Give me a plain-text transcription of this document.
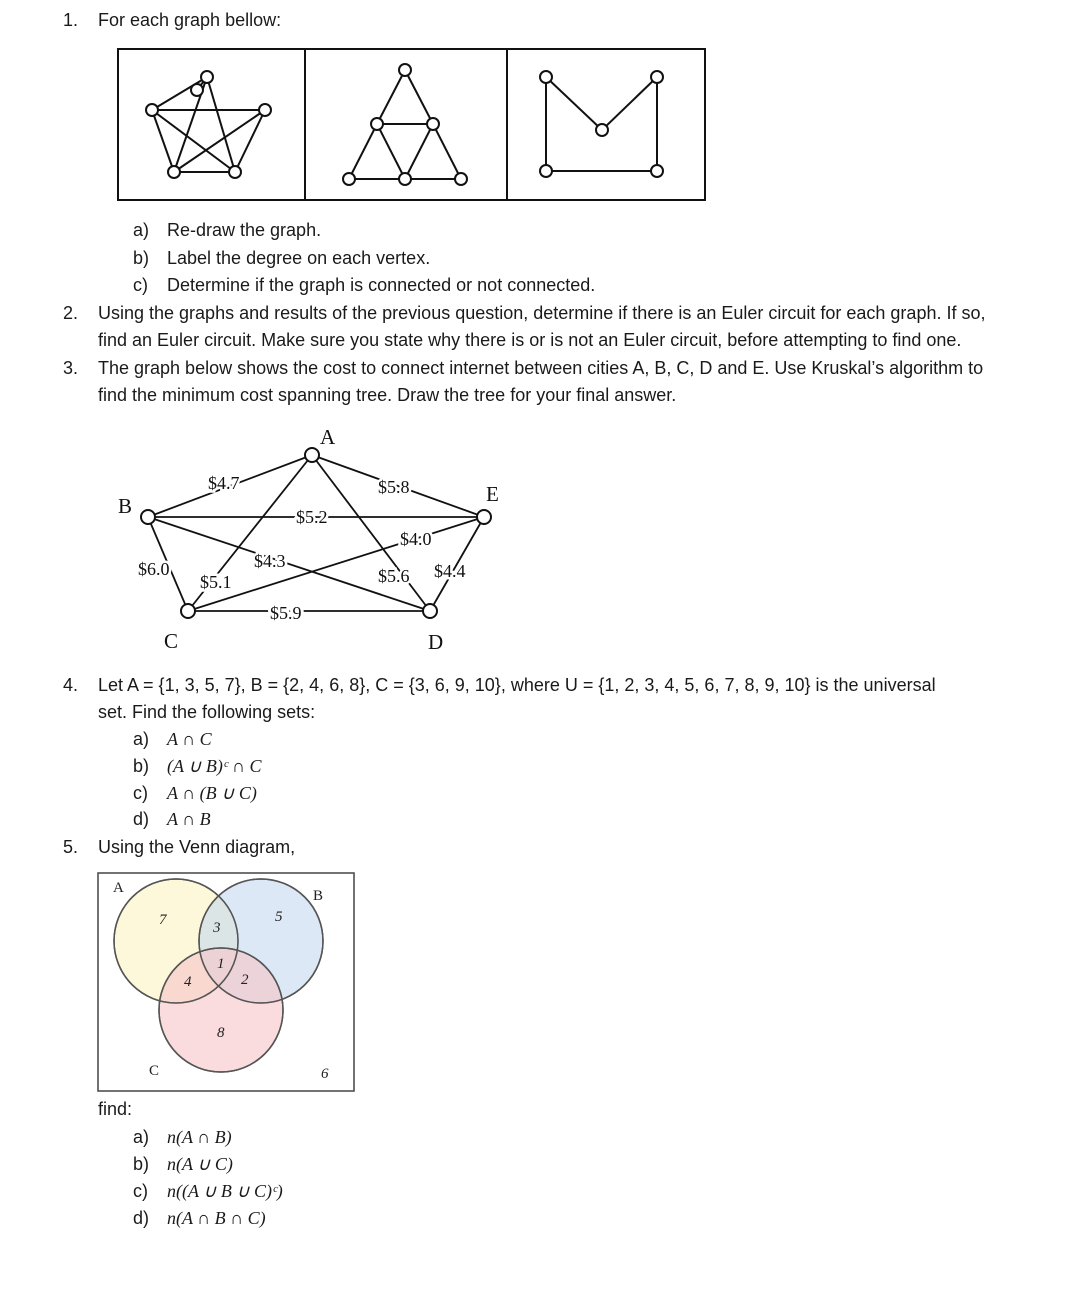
1. For each graph bellow:
a) Re-draw the graph.
b) Label the degree on each vertex.
c) Determine if the graph is connected or not connected.
2. Using the graphs and results of the previous question, determine if there is an Euler circuit for each graph. If so,
find an Euler circuit. Make sure you state why there is or is not an Euler circuit, before attempting to find one.
3. The graph below shows the cost to connect internet between cities A, B, C, D and E. Use Kruskal’s algorithm to
find the minimum cost spanning tree. Draw the tree for your final answer.
A
B
C	D
E
$4.7	$5.8
$5.2
$5.1
$4.0
$4.3
$6.0	$5.6 $4.4
$5.9
4. Let A = {1, 3, 5, 7}, B = {2, 4, 6, 8}, C = {3, 6, 9, 10}, where U = {1, 2, 3, 4, 5, 6, 7, 8, 9, 10} is the universal
set. Find the following sets:
a) A ∩ C
b) (A ∪ B)ᶜ ∩ C
c) A ∩ (B ∪ C)
d) A ∩ B
5. Using the Venn diagram,
A	B
C
7	3
5
1
4	2
8
6
find:
a) n(A ∩ B)
b) n(A ∪ C)
c) n((A ∪ B ∪ C)ᶜ)
d) n(A ∩ B ∩ C)
